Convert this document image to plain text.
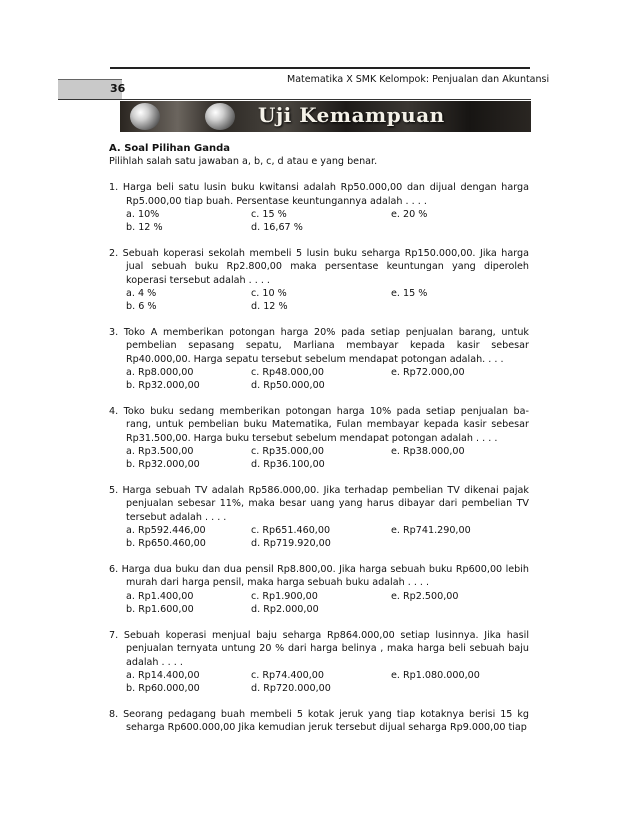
Matematika X SMK Kelompok: Penjualan dan Akuntansi
36
Uji Kemampuan
A. Soal Pilihan Ganda
Pilihlah salah satu jawaban a, b, c, d atau e yang benar.
1. Harga beli satu lusin buku kwitansi adalah Rp50.000,00 dan dijual dengan harga Rp5.000,00 tiap buah. Persentase keuntungannya adalah . . . .
a. 10%	c. 15 %	e. 20 %
b. 12 %	d. 16,67 %
2. Sebuah koperasi sekolah membeli 5 lusin buku seharga Rp150.000,00. Jika harga jual sebuah buku Rp2.800,00 maka persentase keuntungan yang diperoleh koperasi tersebut adalah . . . .
a. 4 %	c. 10 %	e. 15 %
b. 6 %	d. 12 %
3. Toko A memberikan potongan harga 20% pada setiap penjualan barang, untuk pembelian sepasang sepatu, Marliana membayar kepada kasir sebesar Rp40.000,00. Harga sepatu tersebut sebelum mendapat potongan adalah. . . .
a. Rp8.000,00	c. Rp48.000,00	e. Rp72.000,00
b. Rp32.000,00	d. Rp50.000,00
4. Toko buku sedang memberikan potongan harga 10% pada setiap penjualan ba- rang, untuk pembelian buku Matematika, Fulan membayar kepada kasir sebesar Rp31.500,00. Harga buku tersebut sebelum mendapat potongan adalah . . . .
a. Rp3.500,00	c. Rp35.000,00	e. Rp38.000,00
b. Rp32.000,00	d. Rp36.100,00
5. Harga sebuah TV adalah Rp586.000,00. Jika terhadap pembelian TV dikenai pajak penjualan sebesar 11%, maka besar uang yang harus dibayar dari pembelian TV tersebut adalah . . . .
a. Rp592.446,00	c. Rp651.460,00	e. Rp741.290,00
b. Rp650.460,00	d. Rp719.920,00
6. Harga dua buku dan dua pensil Rp8.800,00. Jika harga sebuah buku Rp600,00 lebih murah dari harga pensil, maka harga sebuah buku adalah . . . .
a. Rp1.400,00	c. Rp1.900,00	e. Rp2.500,00
b. Rp1.600,00	d. Rp2.000,00
7. Sebuah koperasi menjual baju seharga Rp864.000,00 setiap lusinnya. Jika hasil penjualan ternyata untung 20 % dari harga belinya , maka harga beli sebuah baju adalah . . . .
a. Rp14.400,00	c. Rp74.400,00	e. Rp1.080.000,00
b. Rp60.000,00	d. Rp720.000,00
8. Seorang pedagang buah membeli 5 kotak jeruk yang tiap kotaknya berisi 15 kg seharga Rp600.000,00 Jika kemudian jeruk tersebut dijual seharga Rp9.000,00 tiap
